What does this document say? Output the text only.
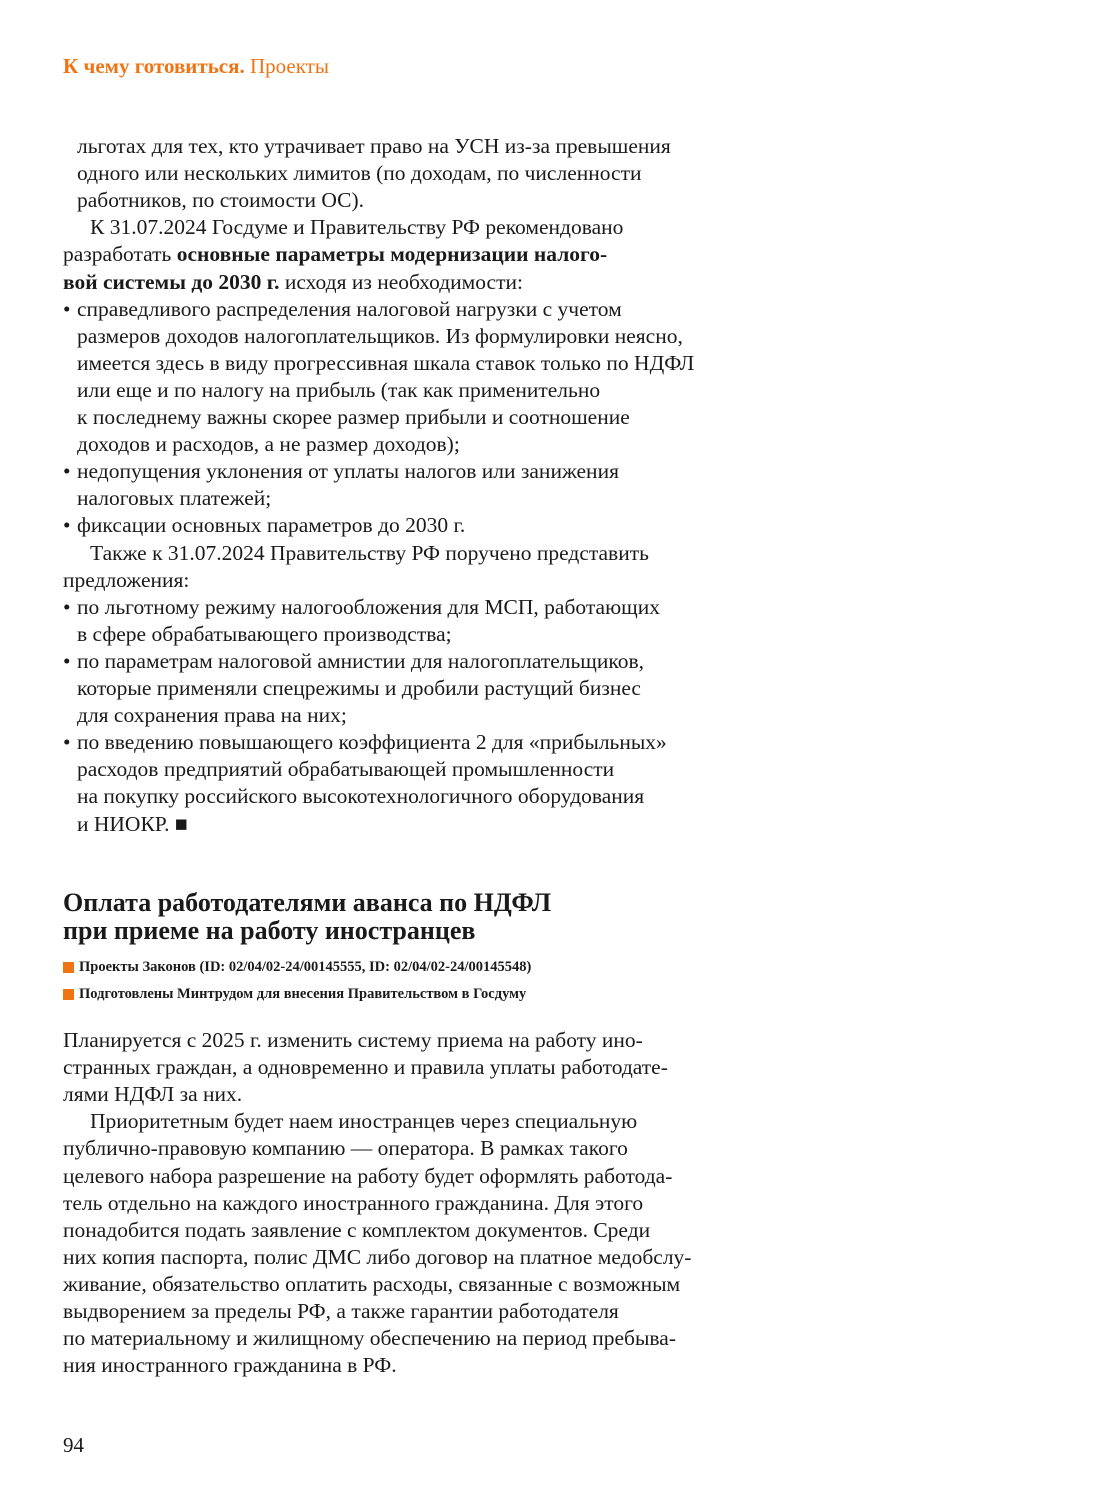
К чему готовиться. Проекты
льготах для тех, кто утрачивает право на УСН из-за превышения
одного или нескольких лимитов (по доходам, по численности
работников, по стоимости ОС).
К 31.07.2024 Госдуме и Правительству РФ рекомендовано
разработать основные параметры модернизации налого-
вой системы до 2030 г. исходя из необходимости:
• справедливого распределения налоговой нагрузки с учетом
размеров доходов налогоплательщиков. Из формулировки неясно,
имеется здесь в виду прогрессивная шкала ставок только по НДФЛ
или еще и по налогу на прибыль (так как применительно
к последнему важны скорее размер прибыли и соотношение
доходов и расходов, а не размер доходов);
• недопущения уклонения от уплаты налогов или занижения
налоговых платежей;
• фиксации основных параметров до 2030 г.
Также к 31.07.2024 Правительству РФ поручено представить
предложения:
• по льготному режиму налогообложения для МСП, работающих
в сфере обрабатывающего производства;
• по параметрам налоговой амнистии для налогоплательщиков,
которые применяли спецрежимы и дробили растущий бизнес
для сохранения права на них;
• по введению повышающего коэффициента 2 для «прибыльных»
расходов предприятий обрабатывающей промышленности
на покупку российского высокотехнологичного оборудования
и НИОКР. ■
Оплата работодателями аванса по НДФЛ
при приеме на работу иностранцев
Проекты Законов (ID: 02/04/02-24/00145555, ID: 02/04/02-24/00145548)
Подготовлены Минтрудом для внесения Правительством в Госдуму
Планируется с 2025 г. изменить систему приема на работу ино-
странных граждан, а одновременно и правила уплаты работодате-
лями НДФЛ за них.
Приоритетным будет наем иностранцев через специальную
публично-правовую компанию — оператора. В рамках такого
целевого набора разрешение на работу будет оформлять работода-
тель отдельно на каждого иностранного гражданина. Для этого
понадобится подать заявление с комплектом документов. Среди
них копия паспорта, полис ДМС либо договор на платное медобслу-
живание, обязательство оплатить расходы, связанные с возможным
выдворением за пределы РФ, а также гарантии работодателя
по материальному и жилищному обеспечению на период пребыва-
ния иностранного гражданина в РФ.
94
